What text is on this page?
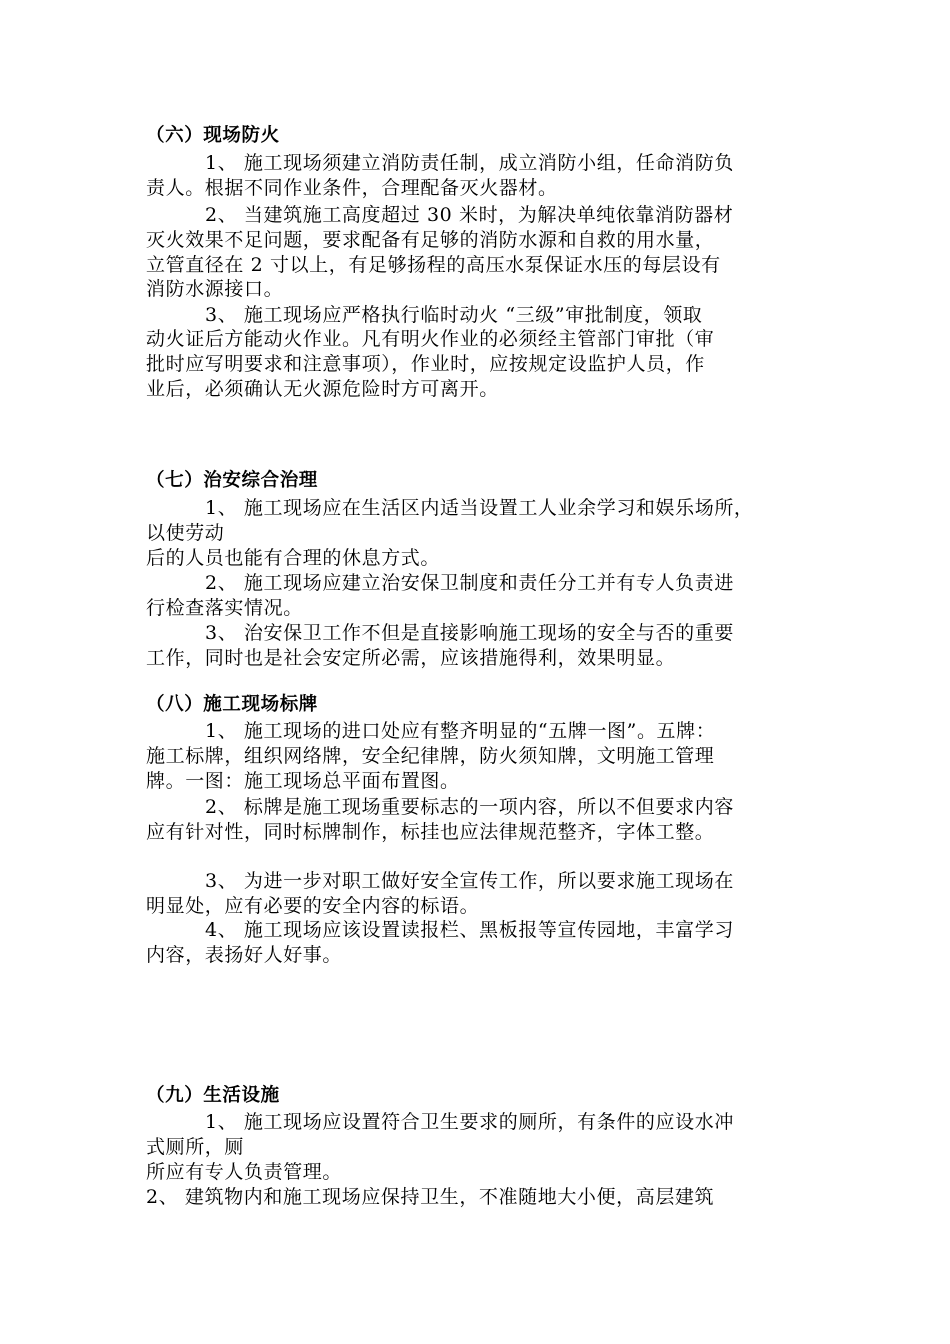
（六）现场防火
1、 施工现场须建立消防责任制，成立消防小组，任命消防负
责人。根据不同作业条件，合理配备灭火器材。
2、 当建筑施工高度超过 30 米时，为解决单纯依靠消防器材
灭火效果不足问题，要求配备有足够的消防水源和自救的用水量，
立管直径在 2 寸以上，有足够扬程的高压水泵保证水压的每层设有
消防水源接口。
3、 施工现场应严格执行临时动火 “三级”审批制度，领取
动火证后方能动火作业。凡有明火作业的必须经主管部门审批（审
批时应写明要求和注意事项），作业时，应按规定设监护人员，作
业后，必须确认无火源危险时方可离开。
（七）治安综合治理
1、 施工现场应在生活区内适当设置工人业余学习和娱乐场所，
以使劳动
后的人员也能有合理的休息方式。
2、 施工现场应建立治安保卫制度和责任分工并有专人负责进
行检查落实情况。
3、 治安保卫工作不但是直接影响施工现场的安全与否的重要
工作，同时也是社会安定所必需，应该措施得利，效果明显。
（八）施工现场标牌
1、 施工现场的进口处应有整齐明显的“五牌一图”。五牌：
施工标牌，组织网络牌，安全纪律牌，防火须知牌，文明施工管理
牌。一图：施工现场总平面布置图。
2、 标牌是施工现场重要标志的一项内容，所以不但要求内容
应有针对性，同时标牌制作，标挂也应法律规范整齐，字体工整。
3、 为进一步对职工做好安全宣传工作，所以要求施工现场在
明显处，应有必要的安全内容的标语。
4、 施工现场应该设置读报栏、黑板报等宣传园地，丰富学习
内容，表扬好人好事。
（九）生活设施
1、 施工现场应设置符合卫生要求的厕所，有条件的应设水冲
式厕所，厕
所应有专人负责管理。
2、 建筑物内和施工现场应保持卫生，不准随地大小便，高层建筑
